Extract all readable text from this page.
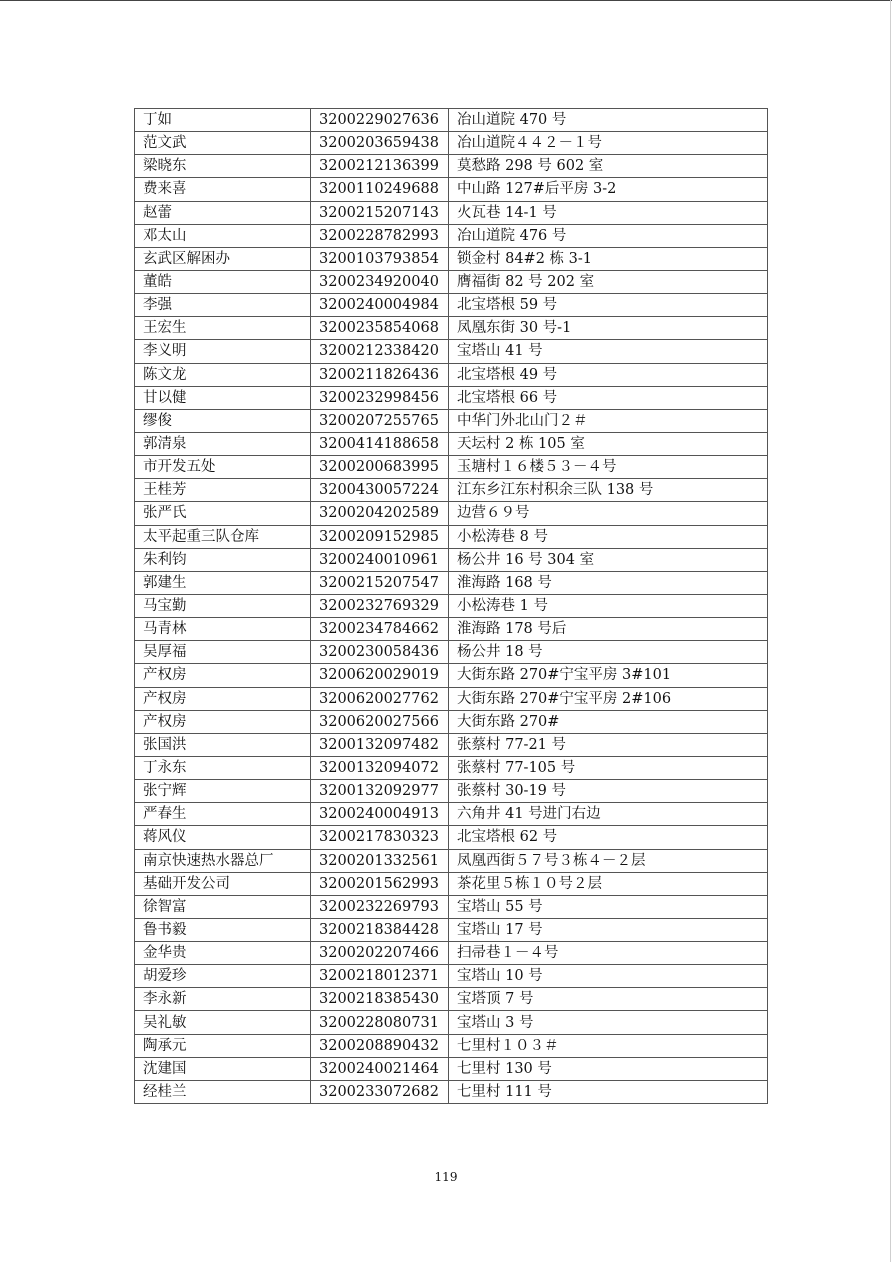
丁如	3200229027636	冶山道院 470 号
范文武	3200203659438	冶山道院４４２－１号
梁晓东	3200212136399	莫愁路 298 号 602 室
费来喜	3200110249688	中山路 127#后平房 3-2
赵蕾	3200215207143	火瓦巷 14-1 号
邓太山	3200228782993	冶山道院 476 号
玄武区解困办	3200103793854	锁金村 84#2 栋 3-1
董皓	3200234920040	膺福街 82 号 202 室
李强	3200240004984	北宝塔根 59 号
王宏生	3200235854068	凤凰东街 30 号-1
李义明	3200212338420	宝塔山 41 号
陈文龙	3200211826436	北宝塔根 49 号
甘以健	3200232998456	北宝塔根 66 号
缪俊	3200207255765	中华门外北山门２＃
郭清泉	3200414188658	天坛村 2 栋 105 室
市开发五处	3200200683995	玉塘村１６楼５３－４号
王桂芳	3200430057224	江东乡江东村积余三队 138 号
张严氏	3200204202589	边营６９号
太平起重三队仓库	3200209152985	小松涛巷 8 号
朱利钧	3200240010961	杨公井 16 号 304 室
郭建生	3200215207547	淮海路 168 号
马宝勤	3200232769329	小松涛巷 1 号
马青林	3200234784662	淮海路 178 号后
吴厚福	3200230058436	杨公井 18 号
产权房	3200620029019	大街东路 270#宁宝平房 3#101
产权房	3200620027762	大街东路 270#宁宝平房 2#106
产权房	3200620027566	大街东路 270#
张国洪	3200132097482	张蔡村 77-21 号
丁永东	3200132094072	张蔡村 77-105 号
张宁辉	3200132092977	张蔡村 30-19 号
严春生	3200240004913	六角井 41 号进门右边
蒋风仪	3200217830323	北宝塔根 62 号
南京快速热水器总厂	3200201332561	凤凰西街５７号３栋４－２层
基础开发公司	3200201562993	茶花里５栋１０号２层
徐智富	3200232269793	宝塔山 55 号
鲁书毅	3200218384428	宝塔山 17 号
金华贵	3200202207466	扫帚巷１－４号
胡爱珍	3200218012371	宝塔山 10 号
李永新	3200218385430	宝塔顶 7 号
吴礼敏	3200228080731	宝塔山 3 号
陶承元	3200208890432	七里村１０３＃
沈建国	3200240021464	七里村 130 号
经桂兰	3200233072682	七里村 111 号
119
